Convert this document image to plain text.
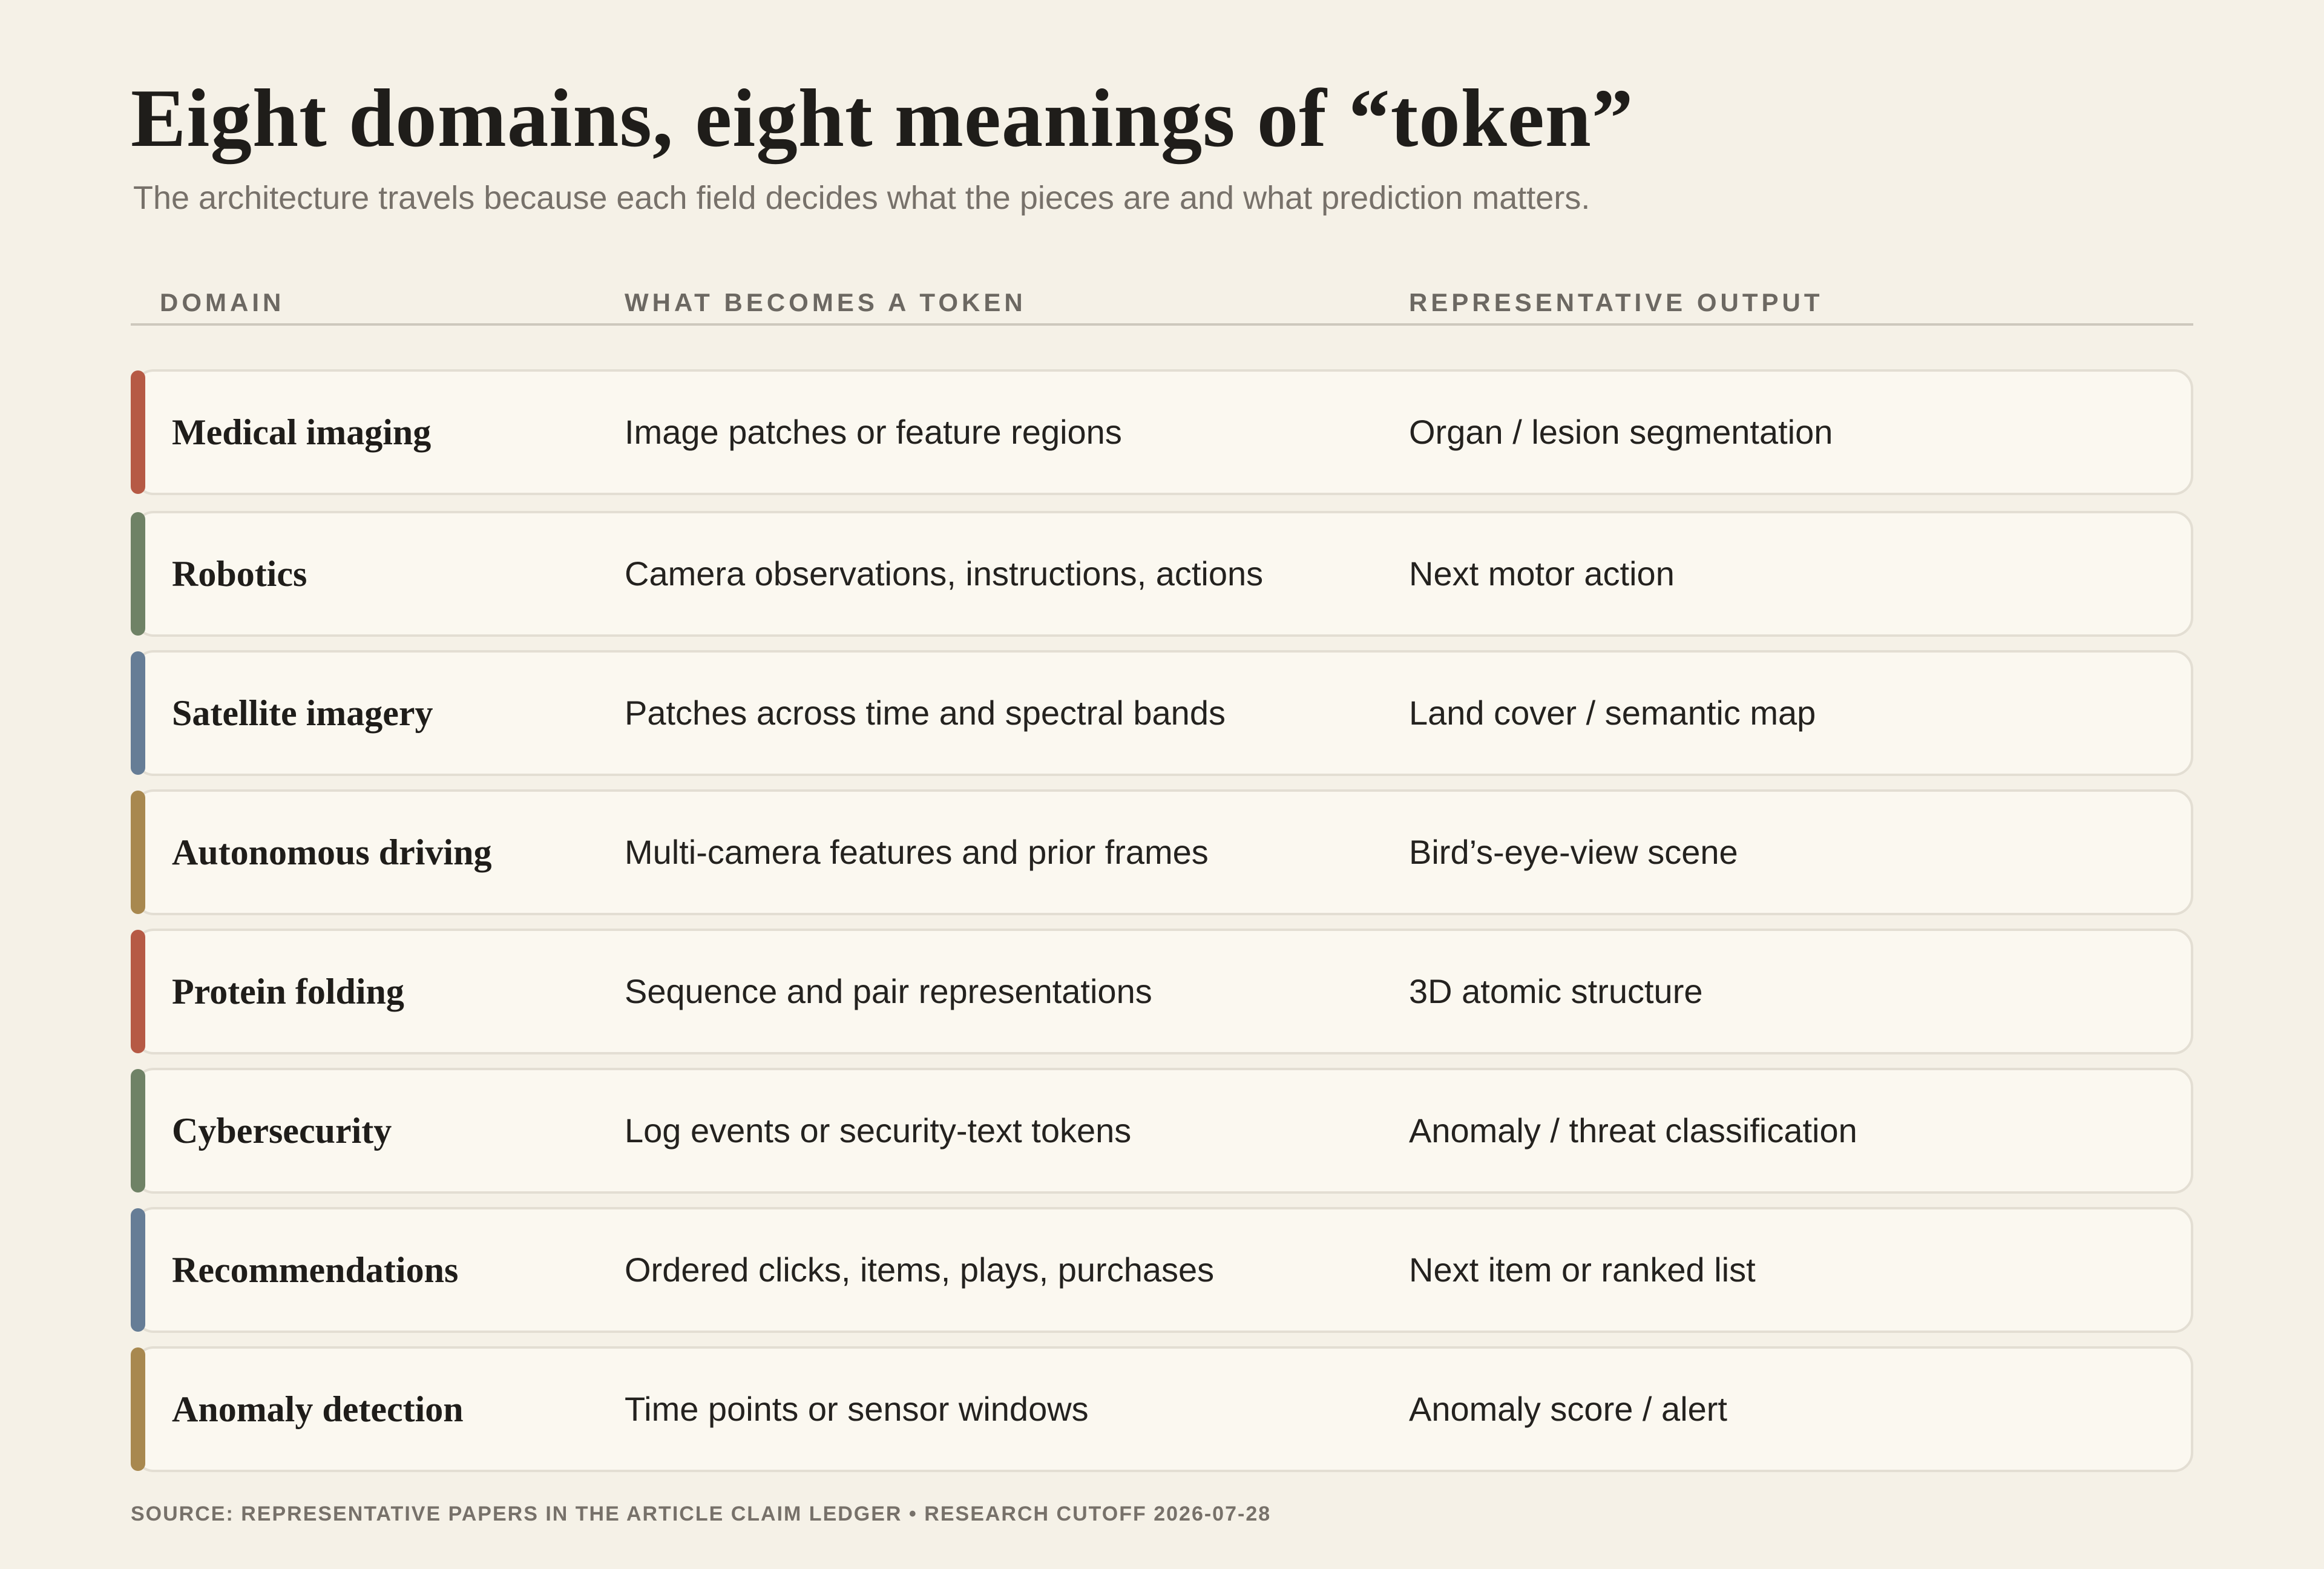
Eight domains, eight meanings of “token”

The architecture travels because each field decides what the pieces are and what prediction matters.

DOMAIN	WHAT BECOMES A TOKEN	REPRESENTATIVE OUTPUT
Medical imaging	Image patches or feature regions	Organ / lesion segmentation
Robotics	Camera observations, instructions, actions	Next motor action
Satellite imagery	Patches across time and spectral bands	Land cover / semantic map
Autonomous driving	Multi-camera features and prior frames	Bird’s-eye-view scene
Protein folding	Sequence and pair representations	3D atomic structure
Cybersecurity	Log events or security-text tokens	Anomaly / threat classification
Recommendations	Ordered clicks, items, plays, purchases	Next item or ranked list
Anomaly detection	Time points or sensor windows	Anomaly score / alert
SOURCE: REPRESENTATIVE PAPERS IN THE ARTICLE CLAIM LEDGER • RESEARCH CUTOFF 2026-07-28
